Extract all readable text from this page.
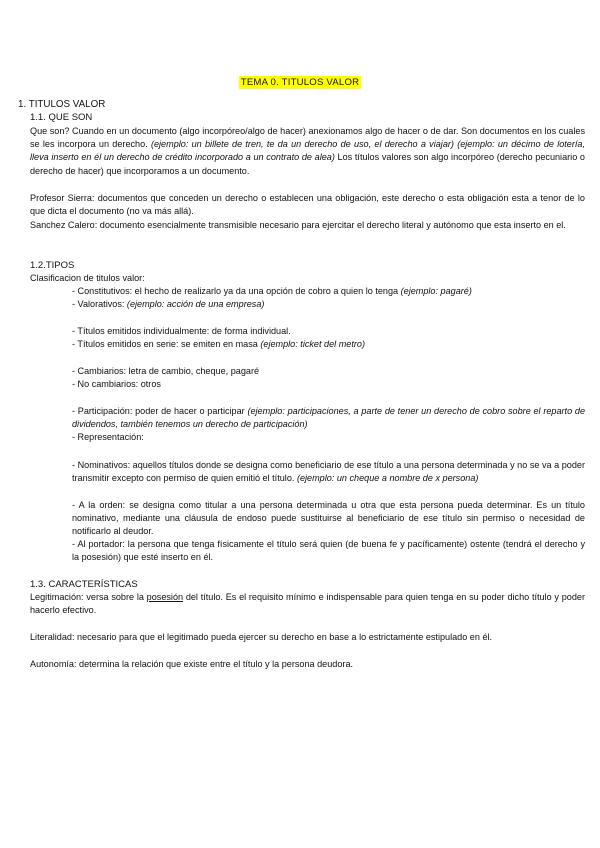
TEMA 0. TITULOS VALOR
1. TITULOS VALOR
1.1. QUE SON
Que son? Cuando en un documento (algo incorpóreo/algo de hacer) anexionamos algo de hacer o de dar. Son documentos en los cuales se les incorpora un derecho. (ejemplo: un billete de tren, te da un derecho de uso, el derecho a viajar) (ejemplo: un décimo de lotería, lleva inserto en él un derecho de crédito incorporado a un contrato de alea) Los títulos valores son algo incorpóreo (derecho pecuniario o derecho de hacer) que incorporamos a un documento.
Profesor Sierra: documentos que conceden un derecho o establecen una obligación, este derecho o esta obligación esta a tenor de lo que dicta el documento (no va más allá).
Sanchez Calero: documento esencialmente transmisible necesario para ejercitar el derecho literal y autónomo que esta inserto en el.
1.2.TIPOS
Clasificacion de titulos valor:
- Constitutivos: el hecho de realizarlo ya da una opción de cobro a quien lo tenga (ejemplo: pagaré)
- Valorativos: (ejemplo: acción de una empresa)
- Títulos emitidos individualmente: de forma individual.
- Títulos emitidos en serie: se emiten en masa (ejemplo: ticket del metro)
- Cambiarios: letra de cambio, cheque, pagaré
- No cambiarios: otros
- Participación: poder de hacer o participar (ejemplo: participaciones, a parte de tener un derecho de cobro sobre el reparto de dividendos, también tenemos un derecho de participación)
- Representación:
- Nominativos: aquellos títulos donde se designa como beneficiario de ese título a una persona determinada y no se va a poder transmitir excepto con permiso de quien emitió el título. (ejemplo: un cheque a nombre de x persona)
- A la orden: se designa como titular a una persona determinada u otra que esta persona pueda determinar. Es un título nominativo, mediante una cláusula de endoso puede sustituirse al beneficiario de ese título sin permiso o necesidad de notificarlo al deudor.
- Al portador: la persona que tenga físicamente el título será quien (de buena fe y pacíficamente) ostente (tendrá el derecho y la posesión) que esté inserto en él.
1.3. CARACTERÍSTICAS
Legitimación: versa sobre la posesión del título. Es el requisito mínimo e indispensable para quien tenga en su poder dicho título y poder hacerlo efectivo.
Literalidad: necesario para que el legitimado pueda ejercer su derecho en base a lo estrictamente estipulado en él.
Autonomía: determina la relación que existe entre el título y la persona deudora.
